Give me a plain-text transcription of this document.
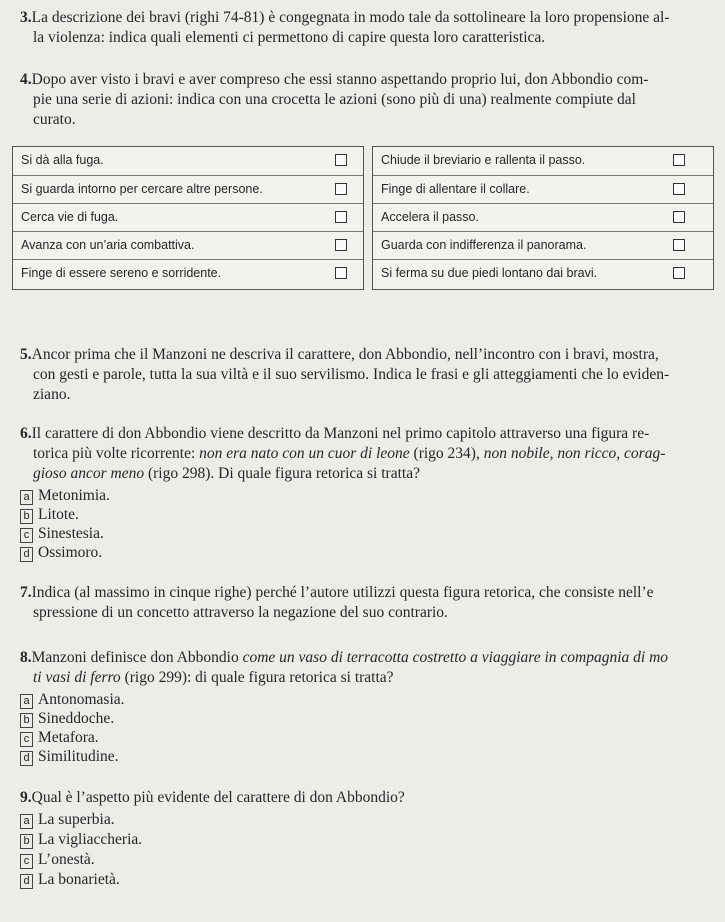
3.La descrizione dei bravi (righi 74-81) è congegnata in modo tale da sottolineare la loro propensione al-
la violenza: indica quali elementi ci permettono di capire questa loro caratteristica.
4.Dopo aver visto i bravi e aver compreso che essi stanno aspettando proprio lui, don Abbondio com-
pie una serie di azioni: indica con una crocetta le azioni (sono più di una) realmente compiute dal
curato.
Si dà alla fuga.
Si guarda intorno per cercare altre persone.
Cerca vie di fuga.
Avanza con un’aria combattiva.
Finge di essere sereno e sorridente.
Chiude il breviario e rallenta il passo.
Finge di allentare il collare.
Accelera il passo.
Guarda con indifferenza il panorama.
Si ferma su due piedi lontano dai bravi.
5.Ancor prima che il Manzoni ne descriva il carattere, don Abbondio, nell’incontro con i bravi, mostra,
con gesti e parole, tutta la sua viltà e il suo servilismo. Indica le frasi e gli atteggiamenti che lo eviden-
ziano.
6.Il carattere di don Abbondio viene descritto da Manzoni nel primo capitolo attraverso una figura re-
torica più volte ricorrente: non era nato con un cuor di leone (rigo 234), non nobile, non ricco, corag-
gioso ancor meno (rigo 298). Di quale figura retorica si tratta?
a Metonimia.
b Litote.
c Sinestesia.
d Ossimoro.
7.Indica (al massimo in cinque righe) perché l’autore utilizzi questa figura retorica, che consiste nell’e
spressione di un concetto attraverso la negazione del suo contrario.
8.Manzoni definisce don Abbondio come un vaso di terracotta costretto a viaggiare in compagnia di mo
ti vasi di ferro (rigo 299): di quale figura retorica si tratta?
a Antonomasia.
b Sineddoche.
c Metafora.
d Similitudine.
9.Qual è l’aspetto più evidente del carattere di don Abbondio?
a La superbia.
b La vigliaccheria.
c L’onestà.
d La bonarietà.
